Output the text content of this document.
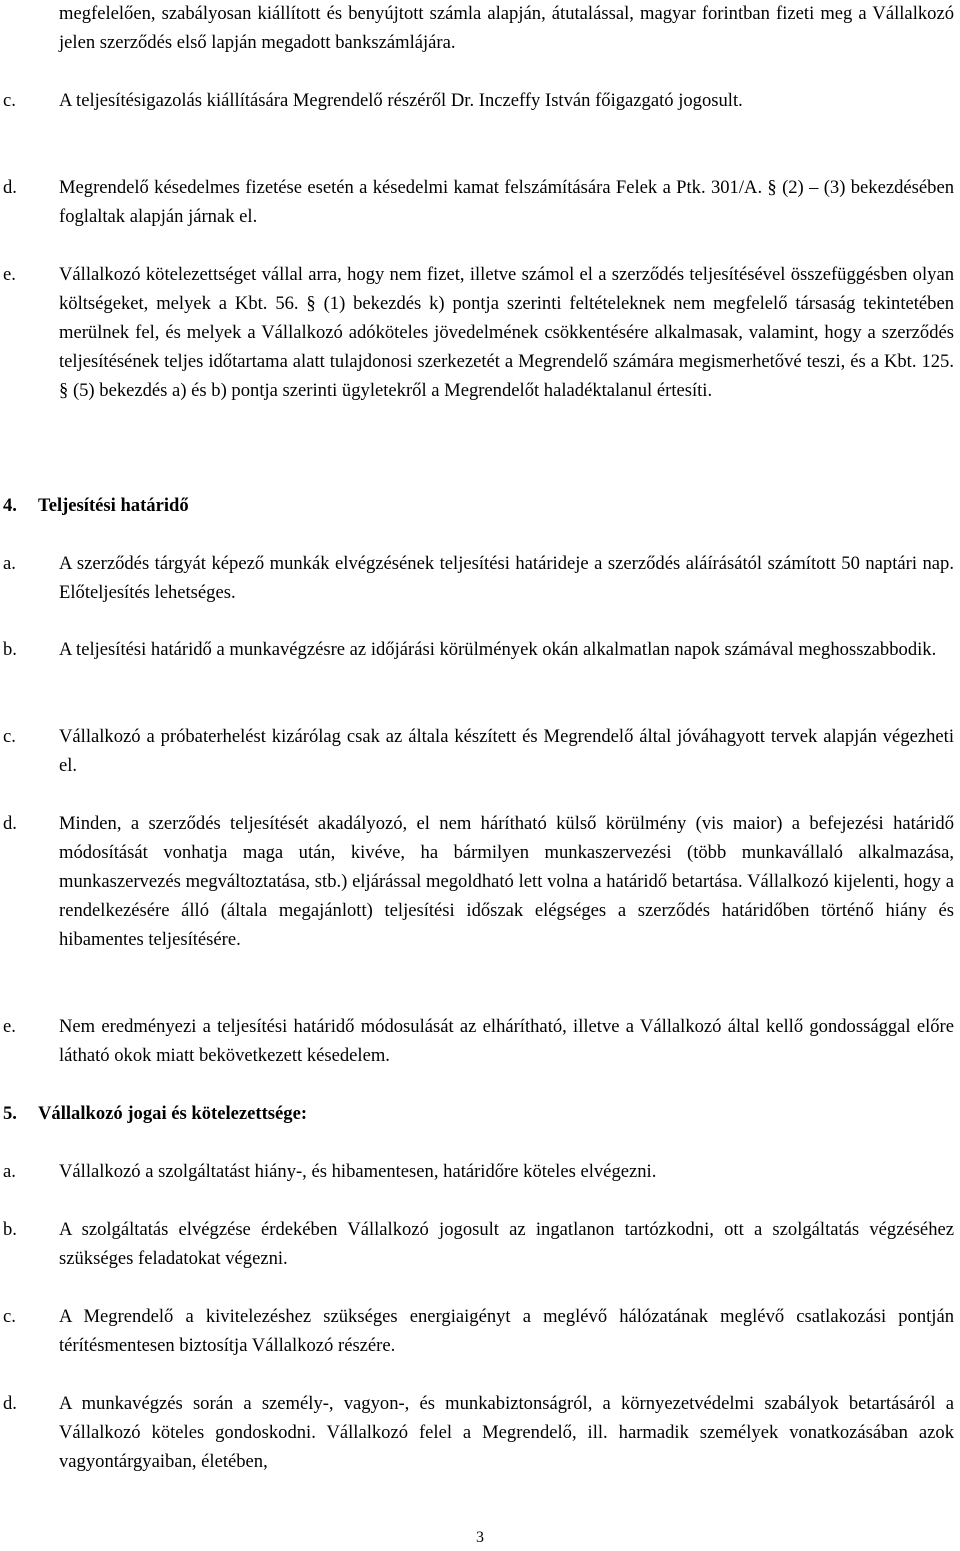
megfelelően, szabályosan kiállított és benyújtott számla alapján, átutalással, magyar forintban fizeti meg a Vállalkozó jelen szerződés első lapján megadott bankszámlájára.
c. A teljesítésigazolás kiállítására Megrendelő részéről Dr. Inczeffy István főigazgató jogosult.
d. Megrendelő késedelmes fizetése esetén a késedelmi kamat felszámítására Felek a Ptk. 301/A. § (2) – (3) bekezdésében foglaltak alapján járnak el.
e. Vállalkozó kötelezettséget vállal arra, hogy nem fizet, illetve számol el a szerződés teljesítésével összefüggésben olyan költségeket, melyek a Kbt. 56. § (1) bekezdés k) pontja szerinti feltételeknek nem megfelelő társaság tekintetében merülnek fel, és melyek a Vállalkozó adóköteles jövedelmének csökkentésére alkalmasak, valamint, hogy a szerződés teljesítésének teljes időtartama alatt tulajdonosi szerkezetét a Megrendelő számára megismerhetővé teszi, és a Kbt. 125. § (5) bekezdés a) és b) pontja szerinti ügyletekről a Megrendelőt haladéktalanul értesíti.
4. Teljesítési határidő
a. A szerződés tárgyát képező munkák elvégzésének teljesítési határideje a szerződés aláírásától számított 50 naptári nap. Előteljesítés lehetséges.
b. A teljesítési határidő a munkavégzésre az időjárási körülmények okán alkalmatlan napok számával meghosszabbodik.
c. Vállalkozó a próbaterhelést kizárólag csak az általa készített és Megrendelő által jóváhagyott tervek alapján végezheti el.
d. Minden, a szerződés teljesítését akadályozó, el nem hárítható külső körülmény (vis maior) a befejezési határidő módosítását vonhatja maga után, kivéve, ha bármilyen munkaszervezési (több munkavállaló alkalmazása, munkaszervezés megváltoztatása, stb.) eljárással megoldható lett volna a határidő betartása. Vállalkozó kijelenti, hogy a rendelkezésére álló (általa megajánlott) teljesítési időszak elégséges a szerződés határidőben történő hiány és hibamentes teljesítésére.
e. Nem eredményezi a teljesítési határidő módosulását az elhárítható, illetve a Vállalkozó által kellő gondossággal előre látható okok miatt bekövetkezett késedelem.
5. Vállalkozó jogai és kötelezettsége:
a. Vállalkozó a szolgáltatást hiány-, és hibamentesen, határidőre köteles elvégezni.
b. A szolgáltatás elvégzése érdekében Vállalkozó jogosult az ingatlanon tartózkodni, ott a szolgáltatás végzéséhez szükséges feladatokat végezni.
c. A Megrendelő a kivitelezéshez szükséges energiaigényt a meglévő hálózatának meglévő csatlakozási pontján térítésmentesen biztosítja Vállalkozó részére.
d. A munkavégzés során a személy-, vagyon-, és munkabiztonságról, a környezetvédelmi szabályok betartásáról a Vállalkozó köteles gondoskodni. Vállalkozó felel a Megrendelő, ill. harmadik személyek vonatkozásában azok vagyontárgyaiban, életében,
3
